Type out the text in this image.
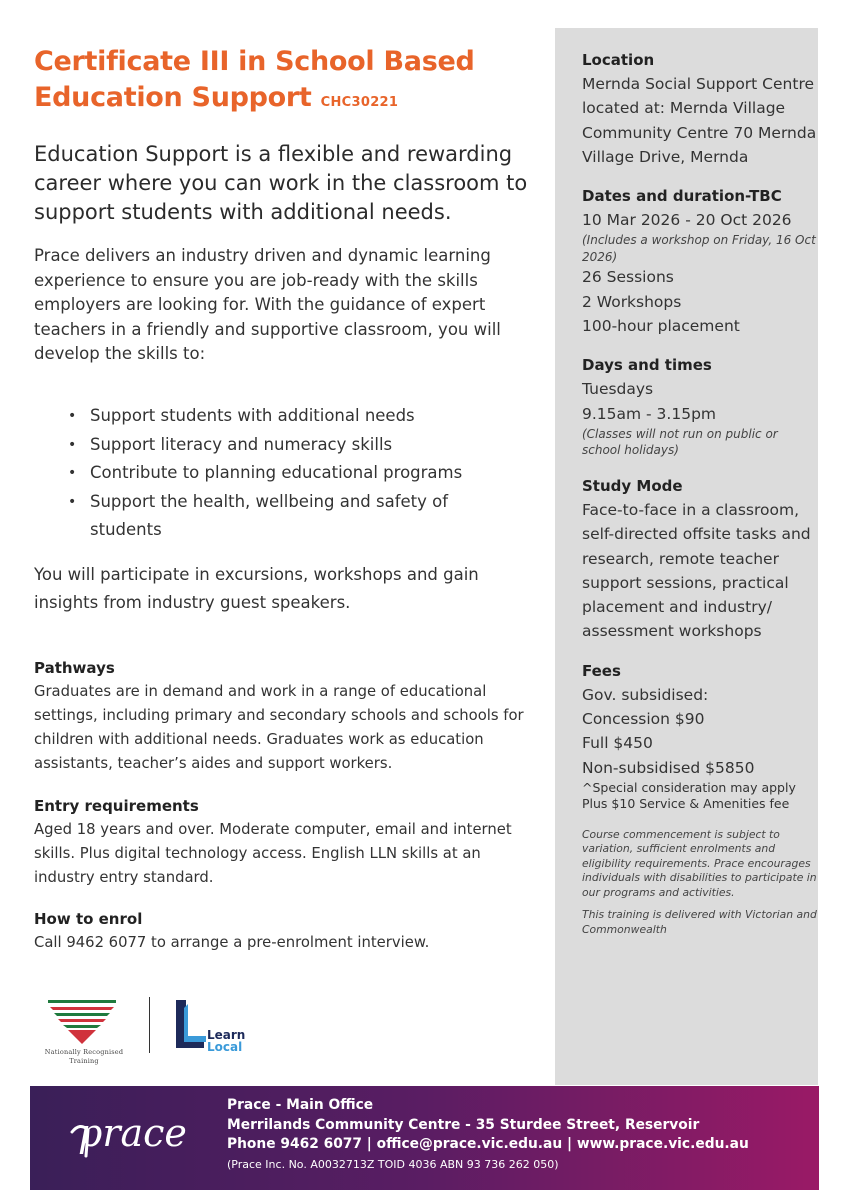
Certificate III in School Based
Education Support CHC30221

Education Support is a flexible and rewarding career where you can work in the classroom to support students with additional needs.

Prace delivers an industry driven and dynamic learning experience to ensure you are job-ready with the skills employers are looking for. With the guidance of expert teachers in a friendly and supportive classroom, you will develop the skills to:

• Support students with additional needs
• Support literacy and numeracy skills
• Contribute to planning educational programs
• Support the health, wellbeing and safety of students

You will participate in excursions, workshops and gain insights from industry guest speakers.

Pathways

Graduates are in demand and work in a range of educational settings, including primary and secondary schools and schools for children with additional needs. Graduates work as education assistants, teacher’s aides and support workers.

Entry requirements

Aged 18 years and over. Moderate computer, email and internet skills. Plus digital technology access. English LLN skills at an industry entry standard.

How to enrol

Call 9462 6077 to arrange a pre-enrolment interview.

Nationally Recognised
Training
Learn
Local
Location
Mernda Social Support Centre located at: Mernda Village Community Centre 70 Mernda Village Drive, Mernda
Dates and duration-TBC
10 Mar 2026 - 20 Oct 2026
(Includes a workshop on Friday, 16 Oct 2026)
26 Sessions
2 Workshops
100-hour placement
Days and times
Tuesdays
9.15am - 3.15pm
(Classes will not run on public or school holidays)
Study Mode
Face-to-face in a classroom, self-directed offsite tasks and research, remote teacher support sessions, practical placement and industry/ assessment workshops
Fees
Gov. subsidised:
Concession $90
Full $450
Non-subsidised $5850
^Special consideration may apply
Plus $10 Service & Amenities fee
Course commencement is subject to variation, sufficient enrolments and eligibility requirements. Prace encourages individuals with disabilities to participate in our programs and activities.
This training is delivered with Victorian and Commonwealth
prace
Prace - Main Office
Merrilands Community Centre - 35 Sturdee Street, Reservoir
Phone 9462 6077 | office@prace.vic.edu.au | www.prace.vic.edu.au
(Prace Inc. No. A0032713Z TOID 4036 ABN 93 736 262 050)
